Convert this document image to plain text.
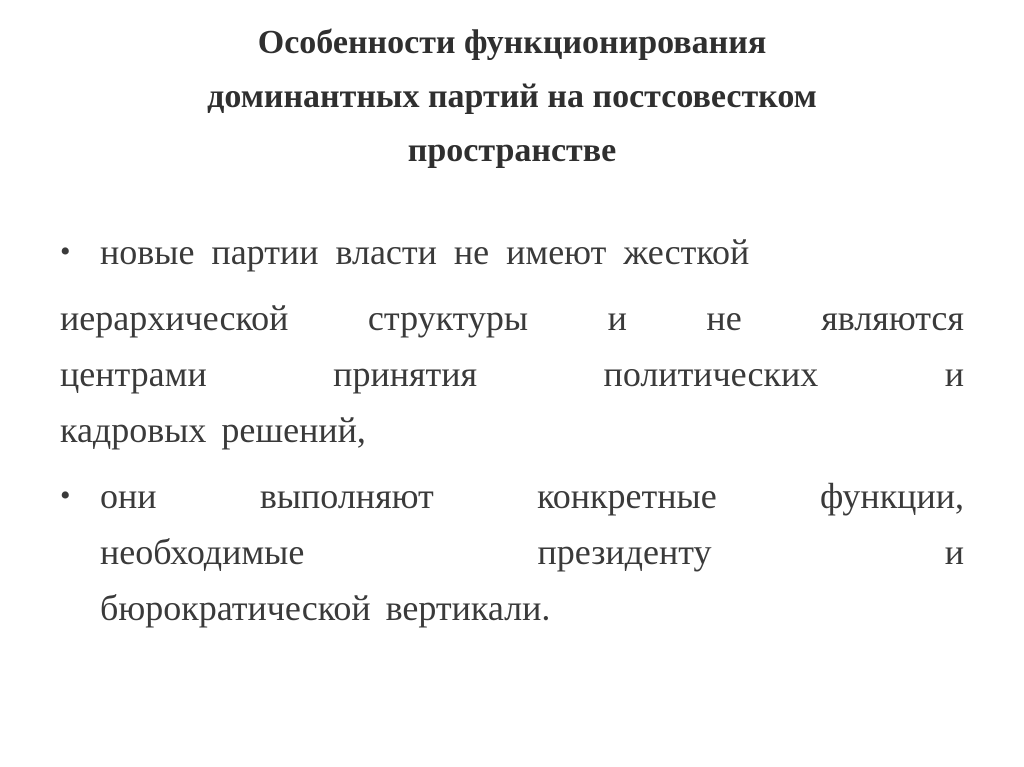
Особенности функционирования
доминантных партий на постсовестком
пространстве
• новые партии власти не имеют жесткой
иерархической структуры и не являются
центрами	принятия	политических	и
кадровых решений,
• они	выполняют	конкретные	функции,
необходимые	президенту	и
бюрократической вертикали.
